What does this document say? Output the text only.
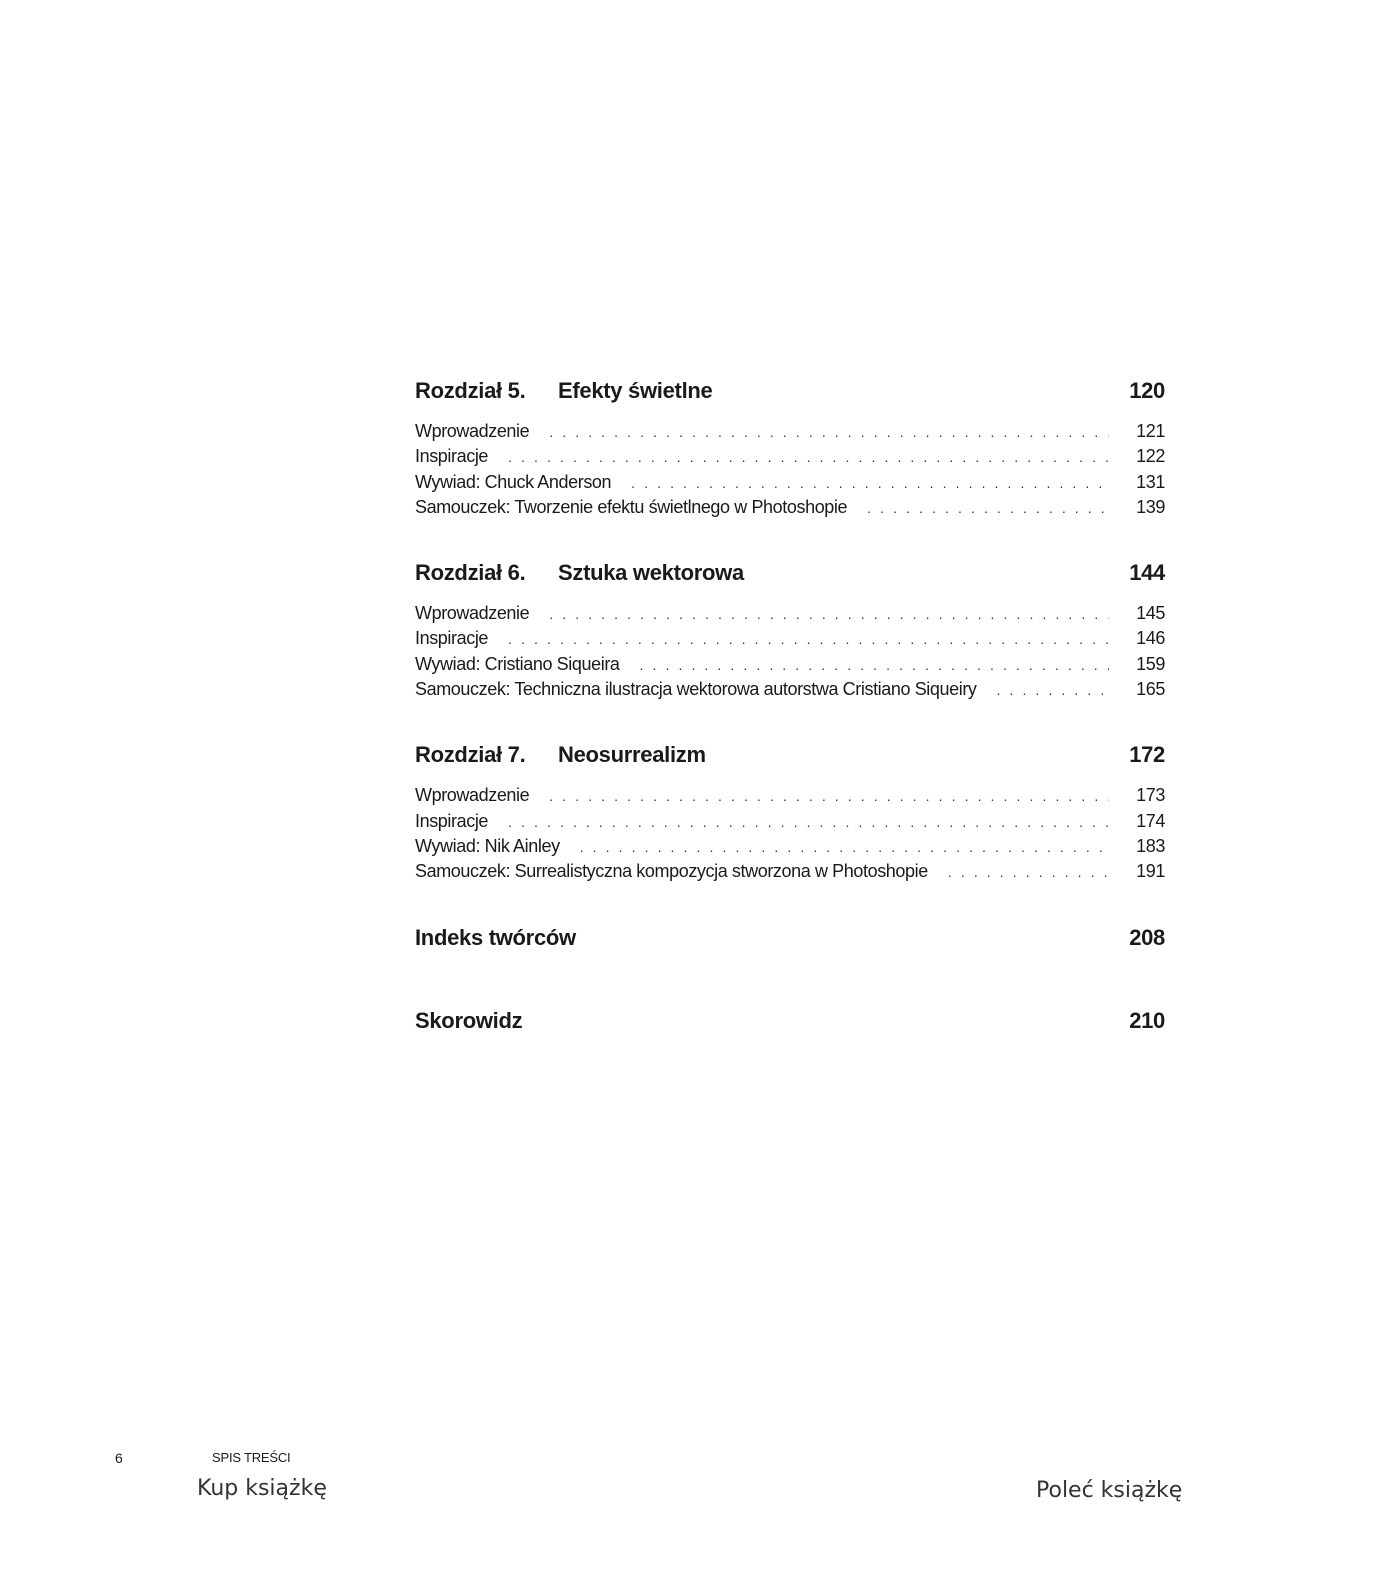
Rozdział 5.	Efekty świetlne	120
Wprowadzenie . . .	121
Inspiracje . . .	122
Wywiad: Chuck Anderson . . .	131
Samouczek: Tworzenie efektu świetlnego w Photoshopie . . .	139
Rozdział 6.	Sztuka wektorowa	144
Wprowadzenie . . .	145
Inspiracje . . .	146
Wywiad: Cristiano Siqueira . . .	159
Samouczek: Techniczna ilustracja wektorowa autorstwa Cristiano Siqueiry . . .	165
Rozdział 7.	Neosurrealizm	172
Wprowadzenie . . .	173
Inspiracje . . .	174
Wywiad: Nik Ainley . . .	183
Samouczek: Surrealistyczna kompozycja stworzona w Photoshopie . . .	191
Indeks twórców	208
Skorowidz	210
6	SPIS TREŚCI
Kup książkę	Poleć książkę
